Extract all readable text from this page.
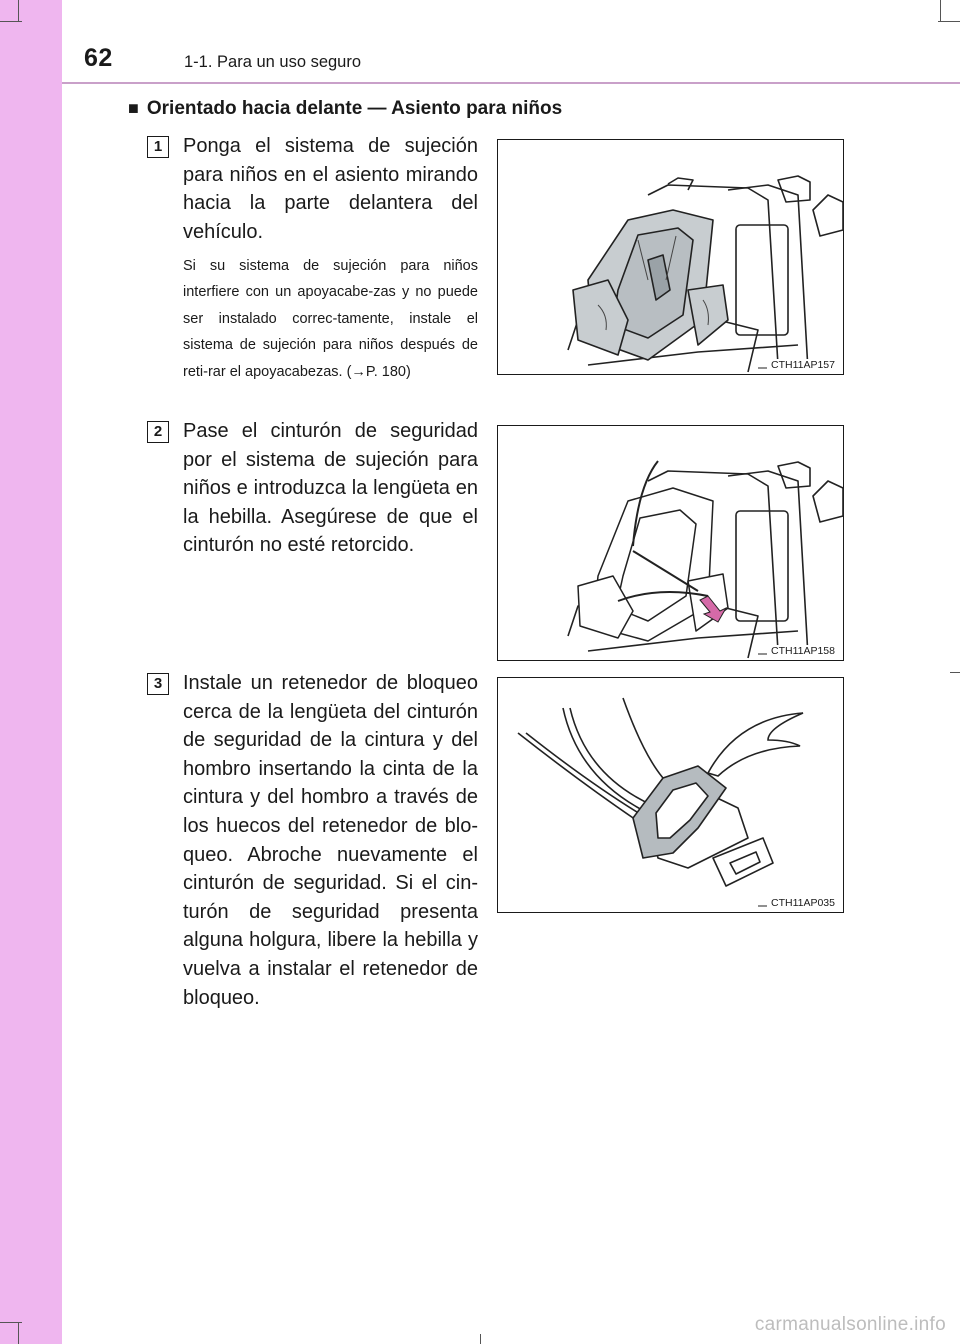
62	1-1. Para un uso seguro
■ Orientado hacia delante — Asiento para niños
1	Ponga el sistema de sujeción para niños en el asiento mirando hacia la parte delantera del vehículo.
Si su sistema de sujeción para niños interfiere con un apoyacabe-zas y no puede ser instalado correc-tamente, instale el sistema de sujeción para niños después de reti-rar el apoyacabezas. (→P. 180)	CTH11AP157
2	Pase el cinturón de seguridad por el sistema de sujeción para niños e introduzca la lengüeta en la hebilla. Asegúrese de que el cinturón no esté retorcido.
CTH11AP158
3	Instale un retenedor de bloqueo cerca de la lengüeta del cinturón de seguridad de la cintura y del hombro insertando la cinta de la cintura y del hombro a través de los huecos del retenedor de blo-queo. Abroche nuevamente el cinturón de seguridad. Si el cin-turón de seguridad presenta alguna holgura, libere la hebilla y vuelva a instalar el retenedor de bloqueo.
CTH11AP035
carmanualsonline.info
